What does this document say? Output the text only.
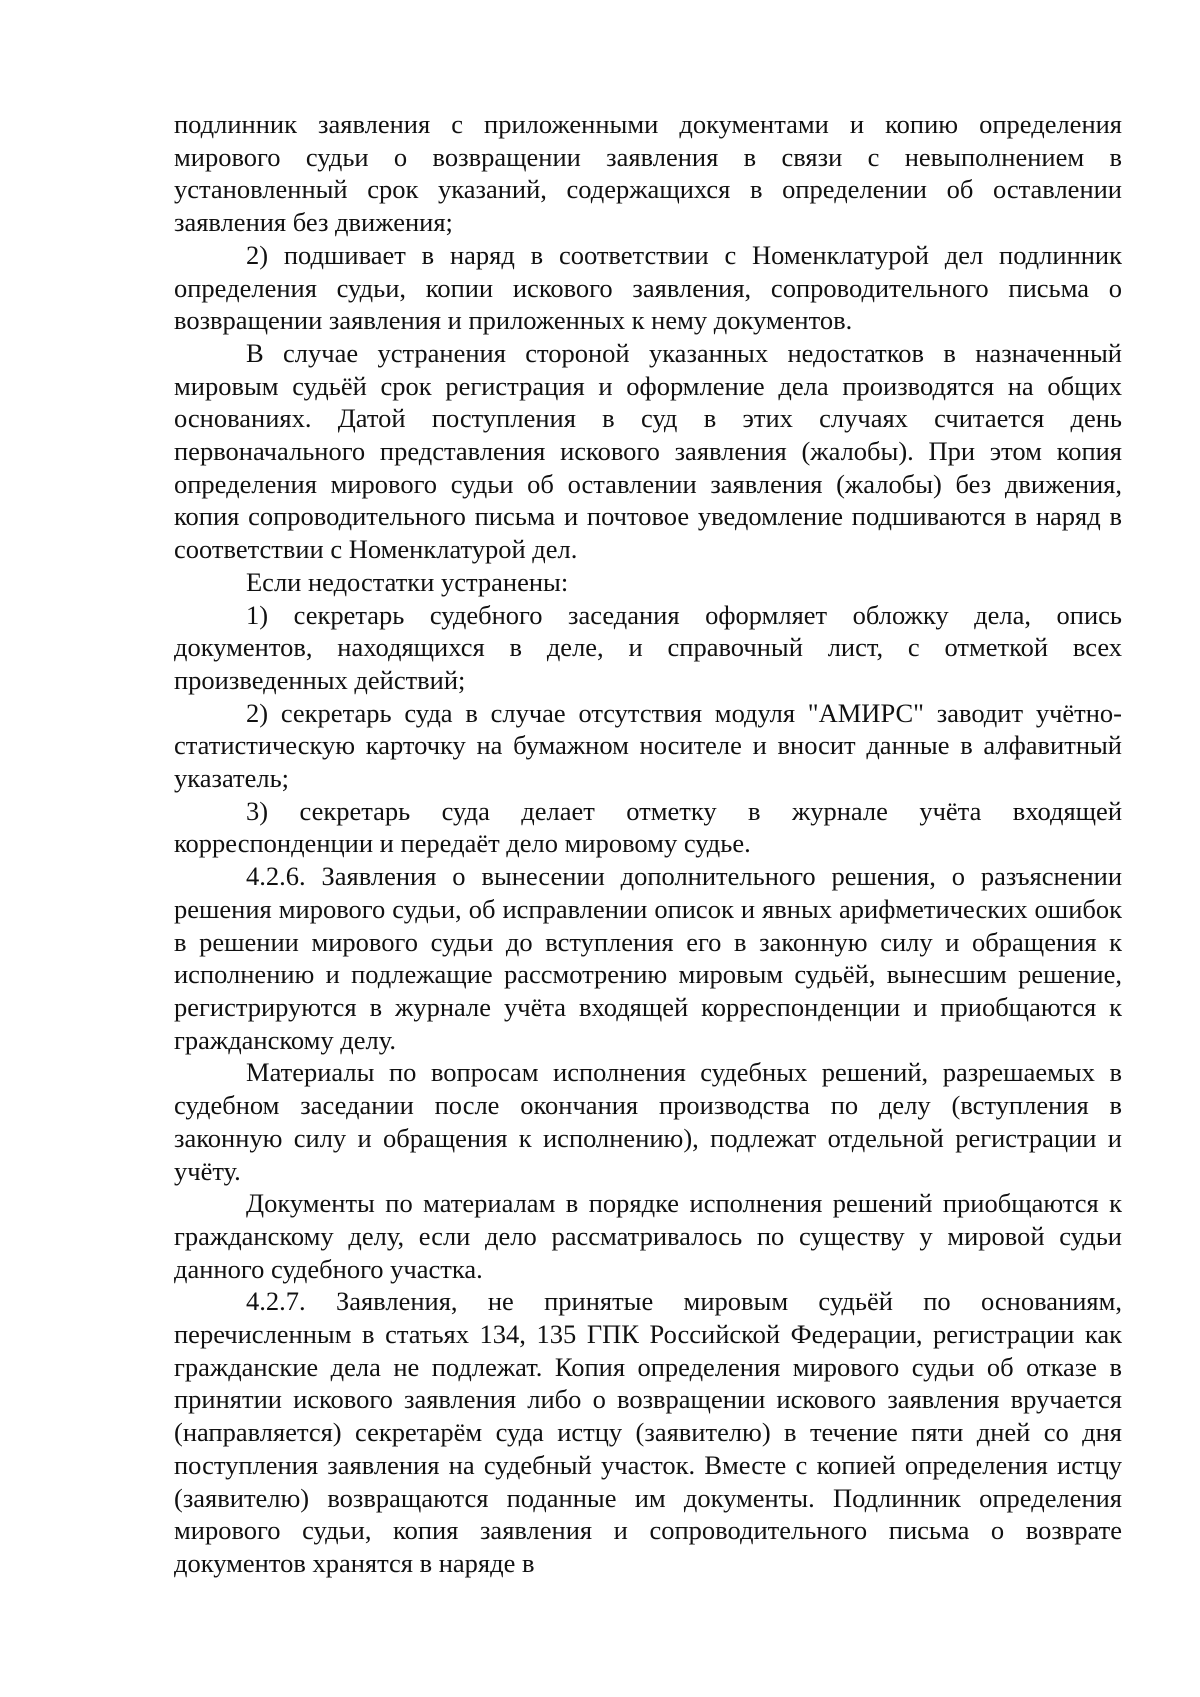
подлинник заявления с приложенными документами и копию определения мирового судьи о возвращении заявления в связи с невыполнением в установленный срок указаний, содержащихся в определении об оставлении заявления без движения;

2) подшивает в наряд в соответствии с Номенклатурой дел подлинник определения судьи, копии искового заявления, сопроводительного письма о возвращении заявления и приложенных к нему документов.

В случае устранения стороной указанных недостатков в назначенный мировым судьёй срок регистрация и оформление дела производятся на общих основаниях. Датой поступления в суд в этих случаях считается день первоначального представления искового заявления (жалобы). При этом копия определения мирового судьи об оставлении заявления (жалобы) без движения, копия сопроводительного письма и почтовое уведомление подшиваются в наряд в соответствии с Номенклатурой дел.

Если недостатки устранены:

1) секретарь судебного заседания оформляет обложку дела, опись документов, находящихся в деле, и справочный лист, с отметкой всех произведенных действий;

2) секретарь суда в случае отсутствия модуля "АМИРС" заводит учётно-статистическую карточку на бумажном носителе и вносит данные в алфавитный указатель;

3) секретарь суда делает отметку в журнале учёта входящей корреспонденции и передаёт дело мировому судье.

4.2.6. Заявления о вынесении дополнительного решения, о разъяснении решения мирового судьи, об исправлении описок и явных арифметических ошибок в решении мирового судьи до вступления его в законную силу и обращения к исполнению и подлежащие рассмотрению мировым судьёй, вынесшим решение, регистрируются в журнале учёта входящей корреспонденции и приобщаются к гражданскому делу.

Материалы по вопросам исполнения судебных решений, разрешаемых в судебном заседании после окончания производства по делу (вступления в законную силу и обращения к исполнению), подлежат отдельной регистрации и учёту.

Документы по материалам в порядке исполнения решений приобщаются к гражданскому делу, если дело рассматривалось по существу у мировой судьи данного судебного участка.

4.2.7. Заявления, не принятые мировым судьёй по основаниям, перечисленным в статьях 134, 135 ГПК Российской Федерации, регистрации как гражданские дела не подлежат. Копия определения мирового судьи об отказе в принятии искового заявления либо о возвращении искового заявления вручается (направляется) секретарём суда истцу (заявителю) в течение пяти дней со дня поступления заявления на судебный участок. Вместе с копией определения истцу (заявителю) возвращаются поданные им документы. Подлинник определения мирового судьи, копия заявления и сопроводительного письма о возврате документов хранятся в наряде в
